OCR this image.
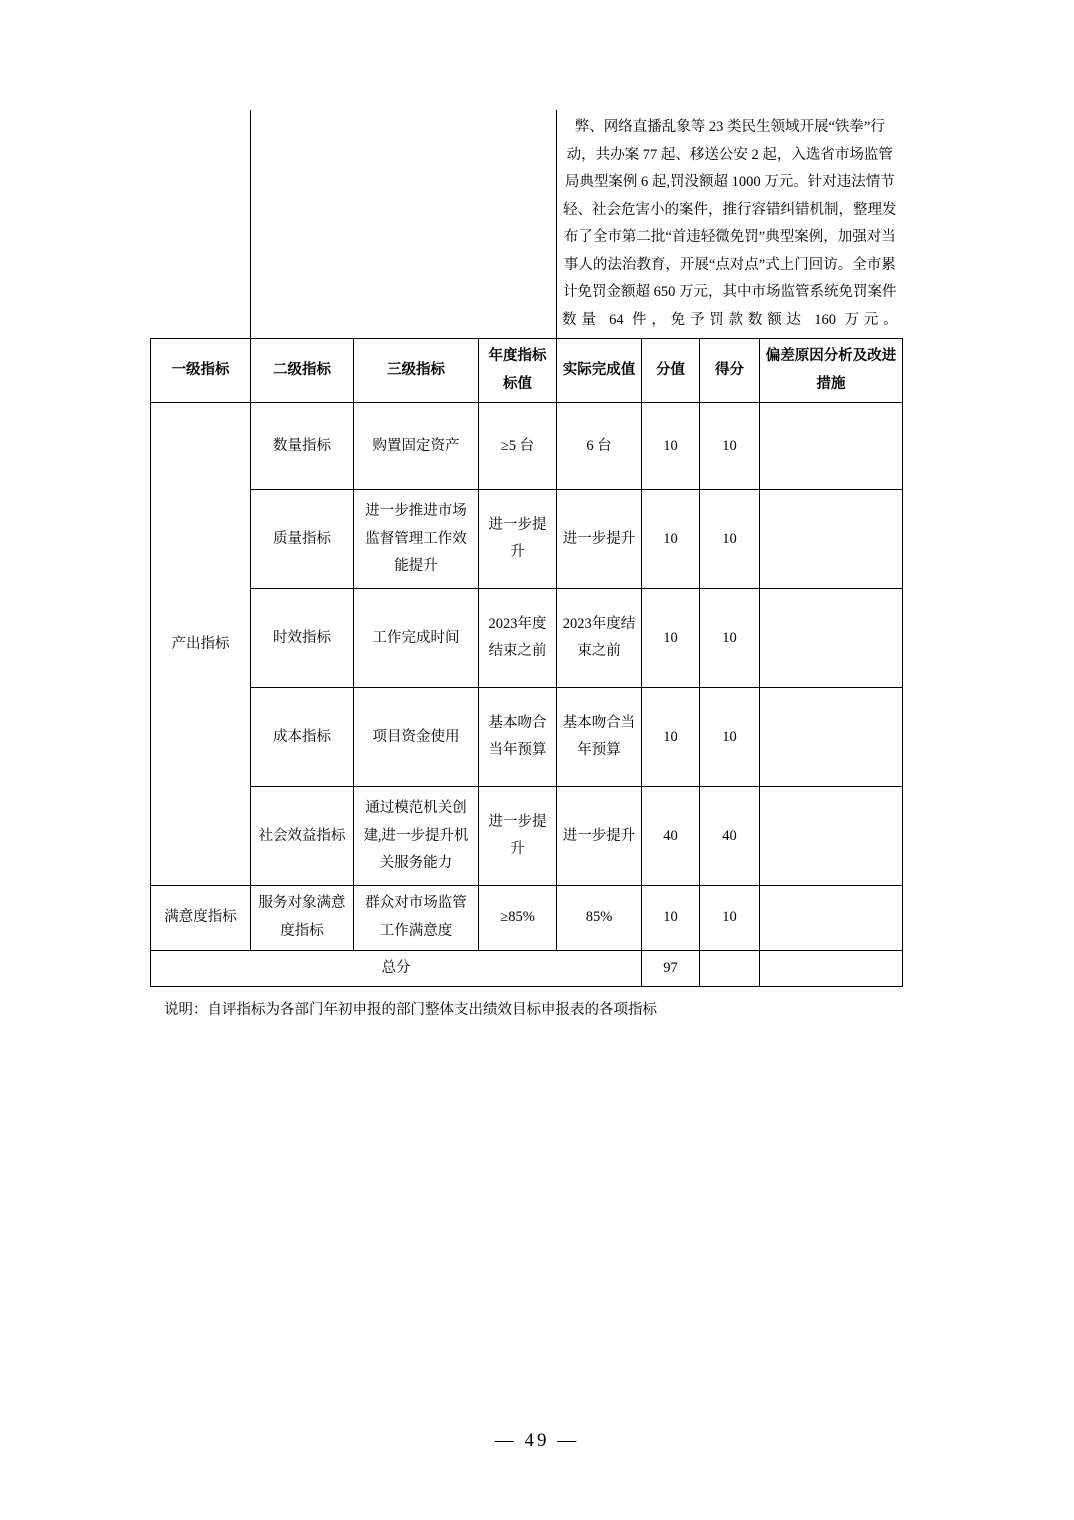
				弊、网络直播乱象等 23 类民生领域开展“铁拳”行动，共办案 77 起、移送公安 2 起，入选省市场监管局典型案例 6 起,罚没额超 1000 万元。针对违法情节轻、社会危害小的案件，推行容错纠错机制，整理发布了全市第二批“首违轻微免罚”典型案例，加强对当事人的法治教育，开展“点对点”式上门回访。全市累计免罚金额超 650 万元，其中市场监管系统免罚案件数量 64 件，免予罚款数额达 160 万元。			
一级指标	二级指标	三级指标	年度指标标值	实际完成值	分值	得分	偏差原因分析及改进措施
产出指标	数量指标	购置固定资产	≥5 台	6 台	10	10	
	质量指标	进一步推进市场监督管理工作效能提升	进一步提升	进一步提升	10	10	
	时效指标	工作完成时间	2023年度结束之前	2023年度结束之前	10	10	
	成本指标	项目资金使用	基本吻合当年预算	基本吻合当年预算	10	10	
	社会效益指标	通过模范机关创建,进一步提升机关服务能力	进一步提升	进一步提升	40	40	
满意度指标	服务对象满意度指标	群众对市场监管工作满意度	≥85%	85%	10	10	
总分					97		
说明：自评指标为各部门年初申报的部门整体支出绩效目标申报表的各项指标
— 49 —
